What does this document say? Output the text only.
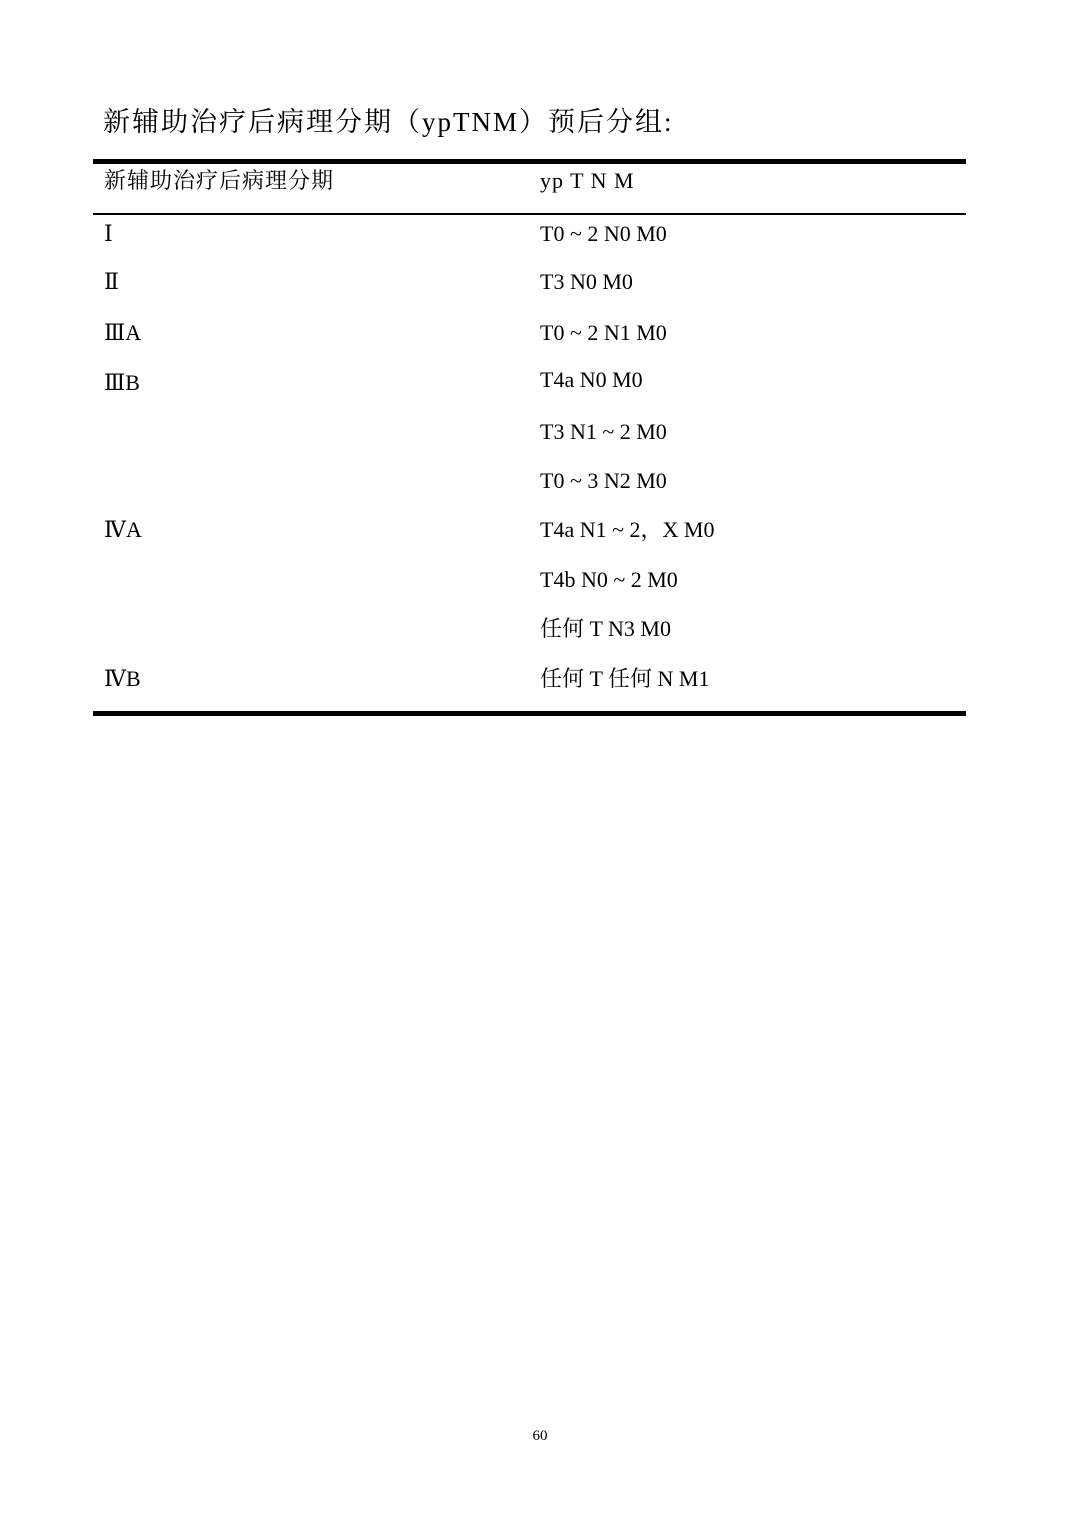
新辅助治疗后病理分期（ypTNM）预后分组:
新辅助治疗后病理分期	yp T N M
Ⅰ	T0 ~ 2 N0 M0
Ⅱ	T3 N0 M0
ⅢA	T0 ~ 2 N1 M0
ⅢB	T4a N0 M0
T3 N1 ~ 2 M0
T0 ~ 3 N2 M0
ⅣA	T4a N1 ~ 2，X M0
T4b N0 ~ 2 M0
任何 T N3 M0
ⅣB	任何 T 任何 N M1
60
